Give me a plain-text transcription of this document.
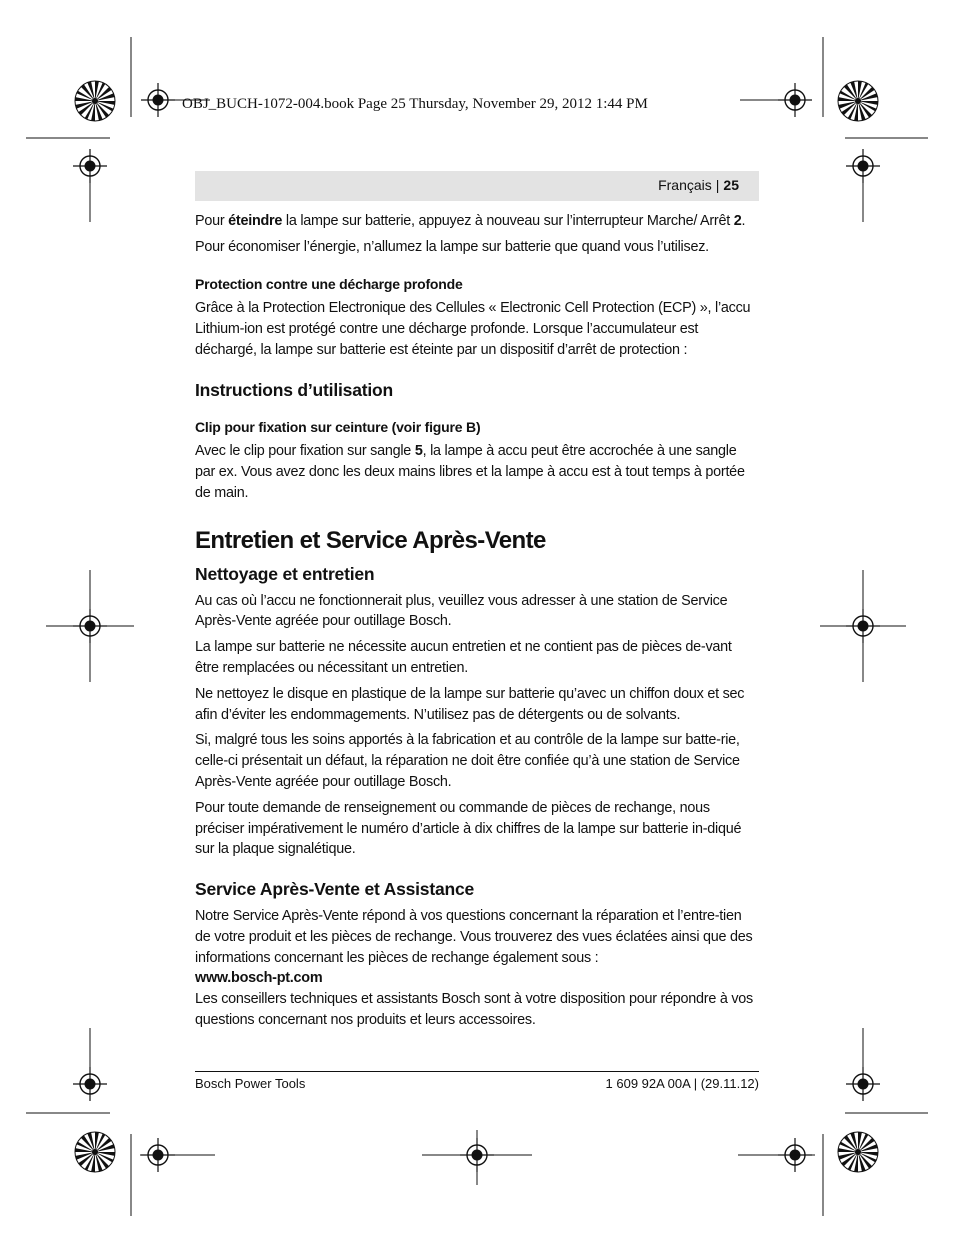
OBJ_BUCH-1072-004.book Page 25 Thursday, November 29, 2012 1:44 PM
Français | 25

Pour éteindre la lampe sur batterie, appuyez à nouveau sur l’interrupteur Marche/ Arrêt 2.

Pour économiser l’énergie, n’allumez la lampe sur batterie que quand vous l’utilisez.

Protection contre une décharge profonde

Grâce à la Protection Electronique des Cellules « Electronic Cell Protection (ECP) », l’accu Lithium-ion est protégé contre une décharge profonde. Lorsque l’accumulateur est déchargé, la lampe sur batterie est éteinte par un dispositif d’arrêt de protection :

Instructions d’utilisation
Clip pour fixation sur ceinture (voir figure B)

Avec le clip pour fixation sur sangle 5, la lampe à accu peut être accrochée à une sangle par ex. Vous avez donc les deux mains libres et la lampe à accu est à tout temps à portée de main.

Entretien et Service Après-Vente
Nettoyage et entretien

Au cas où l’accu ne fonctionnerait plus, veuillez vous adresser à une station de Service Après-Vente agréée pour outillage Bosch.

La lampe sur batterie ne nécessite aucun entretien et ne contient pas de pièces de-vant être remplacées ou nécessitant un entretien.

Ne nettoyez le disque en plastique de la lampe sur batterie qu’avec un chiffon doux et sec afin d’éviter les endommagements. N’utilisez pas de détergents ou de solvants.

Si, malgré tous les soins apportés à la fabrication et au contrôle de la lampe sur batte-rie, celle-ci présentait un défaut, la réparation ne doit être confiée qu’à une station de Service Après-Vente agréée pour outillage Bosch.

Pour toute demande de renseignement ou commande de pièces de rechange, nous préciser impérativement le numéro d’article à dix chiffres de la lampe sur batterie in-diqué sur la plaque signalétique.

Service Après-Vente et Assistance

Notre Service Après-Vente répond à vos questions concernant la réparation et l’entre-tien de votre produit et les pièces de rechange. Vous trouverez des vues éclatées ainsi que des informations concernant les pièces de rechange également sous :

www.bosch-pt.com

Les conseillers techniques et assistants Bosch sont à votre disposition pour répondre à vos questions concernant nos produits et leurs accessoires.

Bosch Power Tools	1 609 92A 00A | (29.11.12)
